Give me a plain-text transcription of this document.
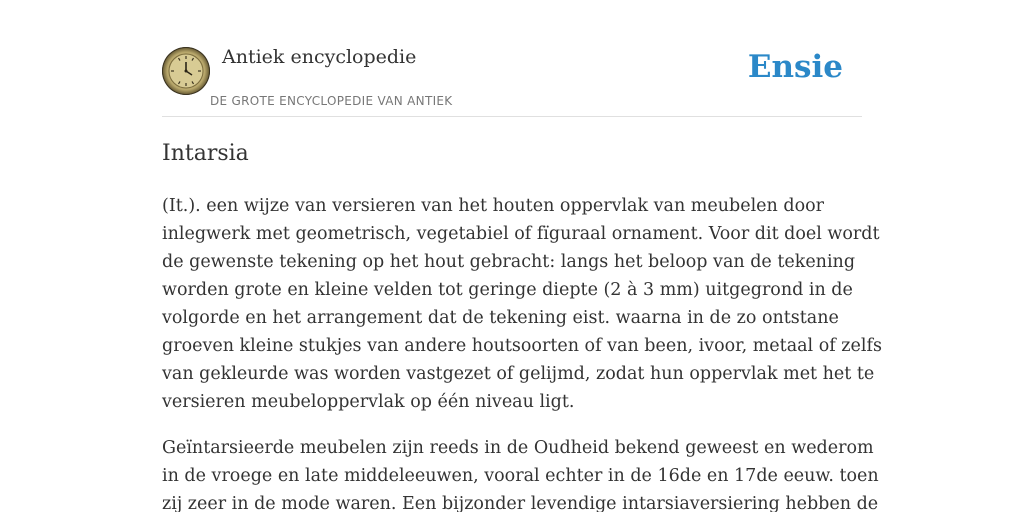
Antiek encyclopedie
DE GROTE ENCYCLOPEDIE VAN ANTIEK
Ensie
Intarsia

(It.). een wijze van versieren van het houten oppervlak van meubelen door
inlegwerk met geometrisch, vegetabiel of fïguraal ornament. Voor dit doel wordt
de gewenste tekening op het hout gebracht: langs het beloop van de tekening
worden grote en kleine velden tot geringe diepte (2 à 3 mm) uitgegrond in de
volgorde en het arrangement dat de tekening eist. waarna in de zo ontstane
groeven kleine stukjes van andere houtsoorten of van been, ivoor, metaal of zelfs
van gekleurde was worden vastgezet of gelijmd, zodat hun oppervlak met het te
versieren meubeloppervlak op één niveau ligt.

Geïntarsieerde meubelen zijn reeds in de Oudheid bekend geweest en wederom
in de vroege en late middeleeuwen, vooral echter in de 16de en 17de eeuw. toen
zij zeer in de mode waren. Een bijzonder levendige intarsiaversiering hebben de
